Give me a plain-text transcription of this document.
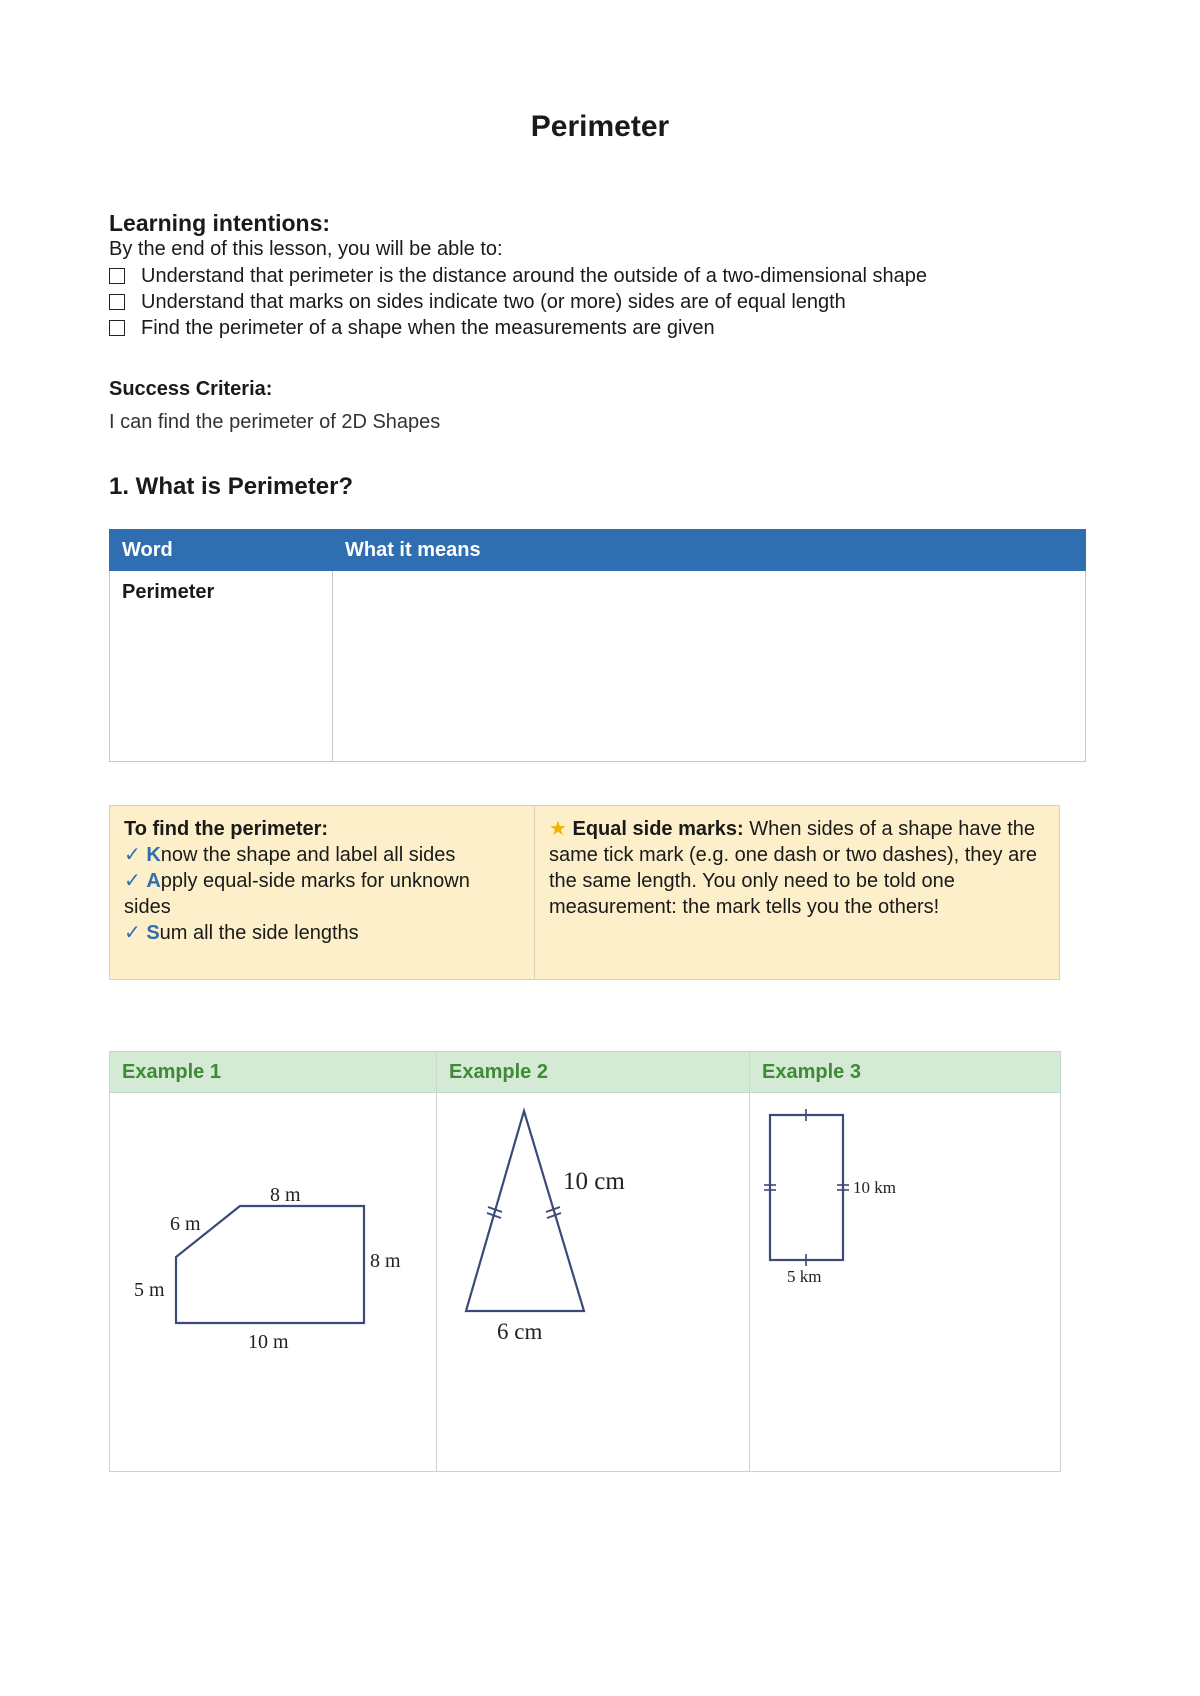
Perimeter
Learning intentions:
By the end of this lesson, you will be able to:
Understand that perimeter is the distance around the outside of a two-dimensional shape
Understand that marks on sides indicate two (or more) sides are of equal length
Find the perimeter of a shape when the measurements are given
Success Criteria:
I can find the perimeter of 2D Shapes
1. What is Perimeter?
Word	What it means
Perimeter	
To find the perimeter:
✓ Know the shape and label all sides
✓ Apply equal-side marks for unknown sides
✓ Sum all the side lengths
	★ Equal side marks: When sides of a shape have the same tick mark (e.g. one dash or two dashes), they are the same length. You only need to be told one measurement: the mark tells you the others!
Example 1	Example 2	Example 3

8 m
6 m
8 m
5 m
10 m	10 cm
6 cm	10 km
5 km
